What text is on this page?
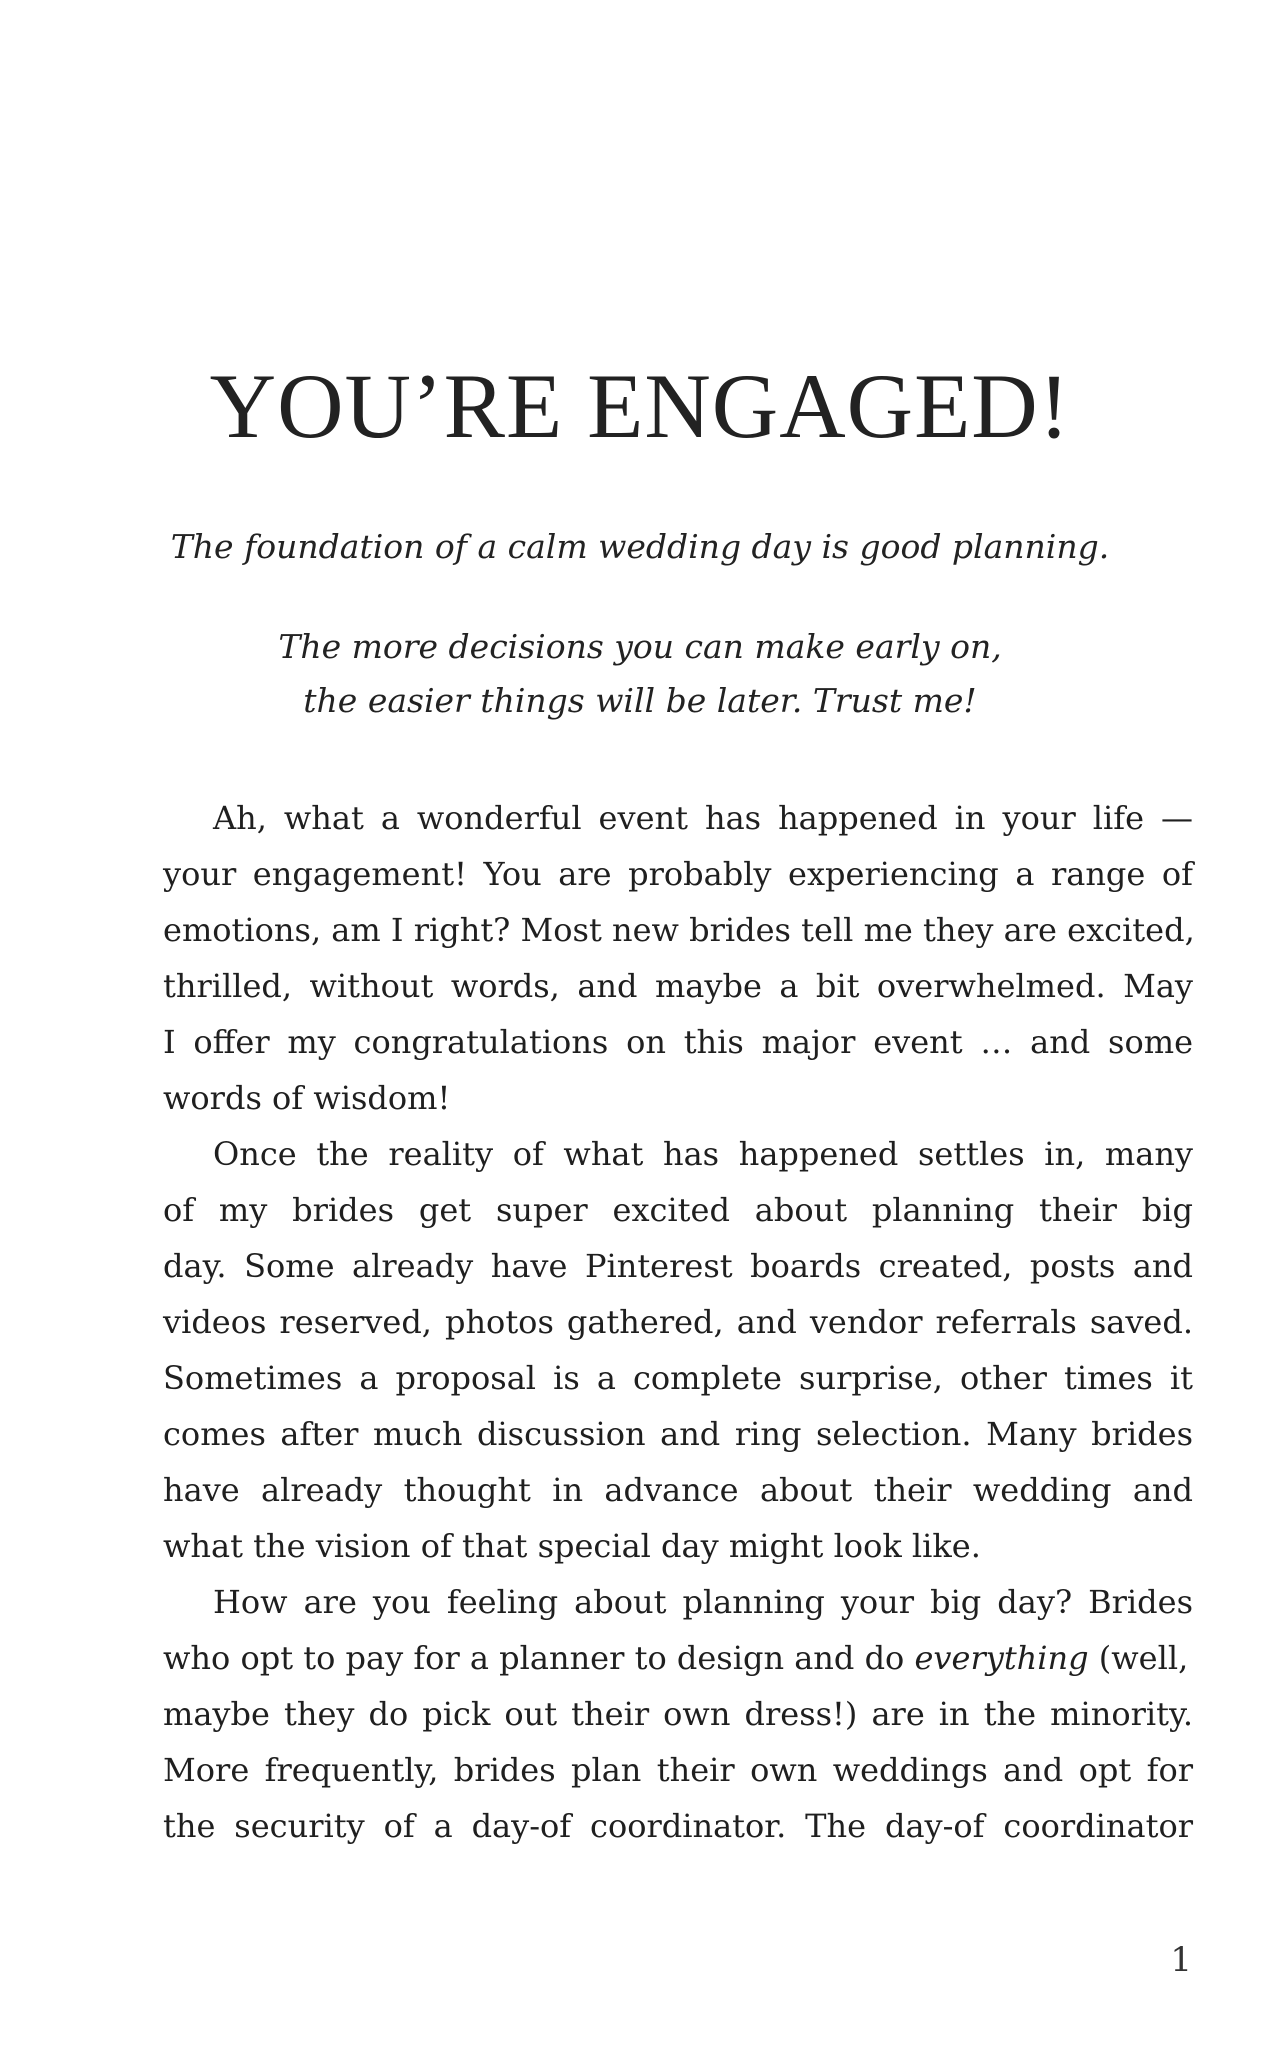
YOU’RE ENGAGED!

The foundation of a calm wedding day is good planning.

The more decisions you can make early on,
the easier things will be later. Trust me!

Ah, what a wonderful event has happened in your life —
your engagement! You are probably experiencing a range of
emotions, am I right? Most new brides tell me they are excited,
thrilled, without words, and maybe a bit overwhelmed. May
I offer my congratulations on this major event … and some
words of wisdom!
Once the reality of what has happened settles in, many
of my brides get super excited about planning their big
day. Some already have Pinterest boards created, posts and
videos reserved, photos gathered, and vendor referrals saved.
Sometimes a proposal is a complete surprise, other times it
comes after much discussion and ring selection. Many brides
have already thought in advance about their wedding and
what the vision of that special day might look like.
How are you feeling about planning your big day? Brides
who opt to pay for a planner to design and do everything (well,
maybe they do pick out their own dress!) are in the minority.
More frequently, brides plan their own weddings and opt for
the security of a day-of coordinator. The day-of coordinator

1
